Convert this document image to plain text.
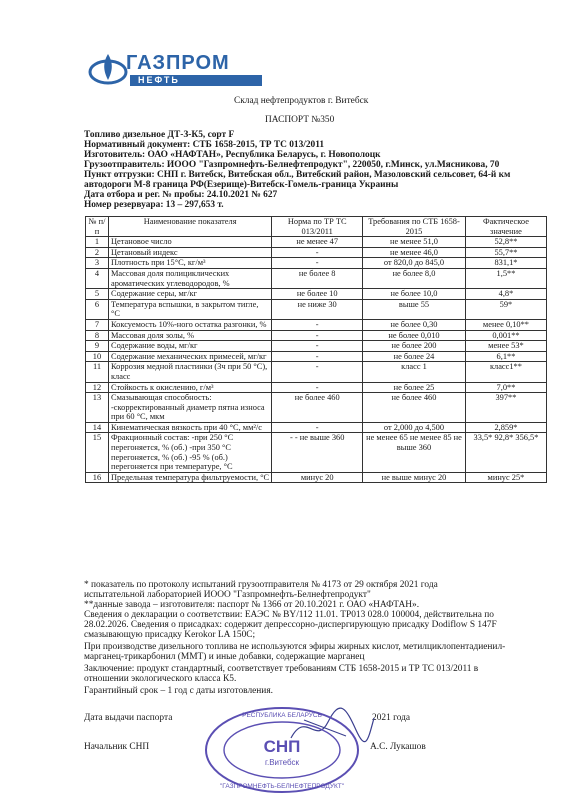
ГАЗПРОМ
НЕФТЬ
Склад нефтепродуктов г. Витебск
ПАСПОРТ №350
Топливо дизельное ДТ-З-К5, сорт F
Нормативный документ: СТБ 1658-2015, ТР ТС 013/2011
Изготовитель: ОАО «НАФТАН», Республика Беларусь, г. Новополоцк
Грузоотправитель: ИООО "Газпромнефть-Белнефтепродукт", 220050, г.Минск, ул.Мясникова, 70
Пункт отгрузки: СНП г. Витебск, Витебская обл., Витебский район, Мазоловский сельсовет, 64-й км
автодороги М-8 граница РФ(Езерище)-Витебск-Гомель-граница Украины
Дата отбора и рег. № пробы: 24.10.2021 № 627
Номер резервуара: 13 – 297,653 т.
№ п/п	Наименование показателя	Норма по ТР ТС 013/2011	Требования по СТБ 1658-2015	Фактическое значение
1	Цетановое число	не менее 47	не менее 51,0	52,8**
2	Цетановый индекс	-	не менее 46,0	55,7**
3	Плотность при 15°С, кг/м³	-	от 820,0 до 845,0	831,1*
4	Массовая доля полициклических ароматических углеводородов, %	не более 8	не более 8,0	1,5**
5	Содержание серы, мг/кг	не более 10	не более 10,0	4,8*
6	Температура вспышки, в закрытом тигле, °С	не ниже 30	выше 55	59*
7	Коксуемость 10%-ного остатка разгонки, %	-	не более 0,30	менее 0,10**
8	Массовая доля золы, %	-	не более 0,010	0,001**
9	Содержание воды, мг/кг	-	не более 200	менее 53*
10	Содержание механических примесей, мг/кг	-	не более 24	6,1**
11	Коррозия медной пластинки (3ч при 50 °С), класс	-	класс 1	класс1**
12	Стойкость к окислению, г/м³	-	не более 25	7,0**
13	Смазывающая способность: -скорректированный диаметр пятна износа при 60 °С, мкм	не более 460	не более 460	397**
14	Кинематическая вязкость при 40 °С, мм²/с	-	от 2,000 до 4,500	2,859*
15	Фракционный состав: -при 250 °С перегоняется, % (об.) -при 350 °С перегоняется, % (об.) -95 % (об.) перегоняется при температуре, °С	- - не выше 360	не менее 65 не менее 85 не выше 360	33,5* 92,8* 356,5*
16	Предельная температура фильтруемости, °С	минус 20	не выше минус 20	минус 25*
* показатель по протоколу испытаний грузоотправителя № 4173 от 29 октября 2021 года
испытательной лабораторией ИООО "Газпромнефть-Белнефтепродукт"
**данные завода – изготовителя: паспорт № 1366 от 20.10.2021 г. ОАО «НАФТАН».
Сведения о декларации о соответствии: ЕАЭС № BY/112 11.01. ТР013 028.0 100004, действительна по
28.02.2026. Сведения о присадках: содержит депрессорно-диспергирующую присадку Dodiflow S 147F
смазывающую присадку Kerokor LA 150C;
При производстве дизельного топлива не используются эфиры жирных кислот, метилциклопентадиенил-
марганец-трикарбонил (ММТ) и иные добавки, содержащие марганец
Заключение: продукт стандартный, соответствует требованиям СТБ 1658-2015 и ТР ТС 013/2011 в
отношении экологического класса К5.
Гарантийный срок – 1 год с даты изготовления.
Дата выдачи паспорта	2021 года
Начальник СНП	А.С. Лукашов
РЕСПУБЛИКА БЕЛАРУСЬ
"ГАЗПРОМНЕФТЬ-БЕЛНЕФТЕПРОДУКТ"
СНП
г.Витебск
